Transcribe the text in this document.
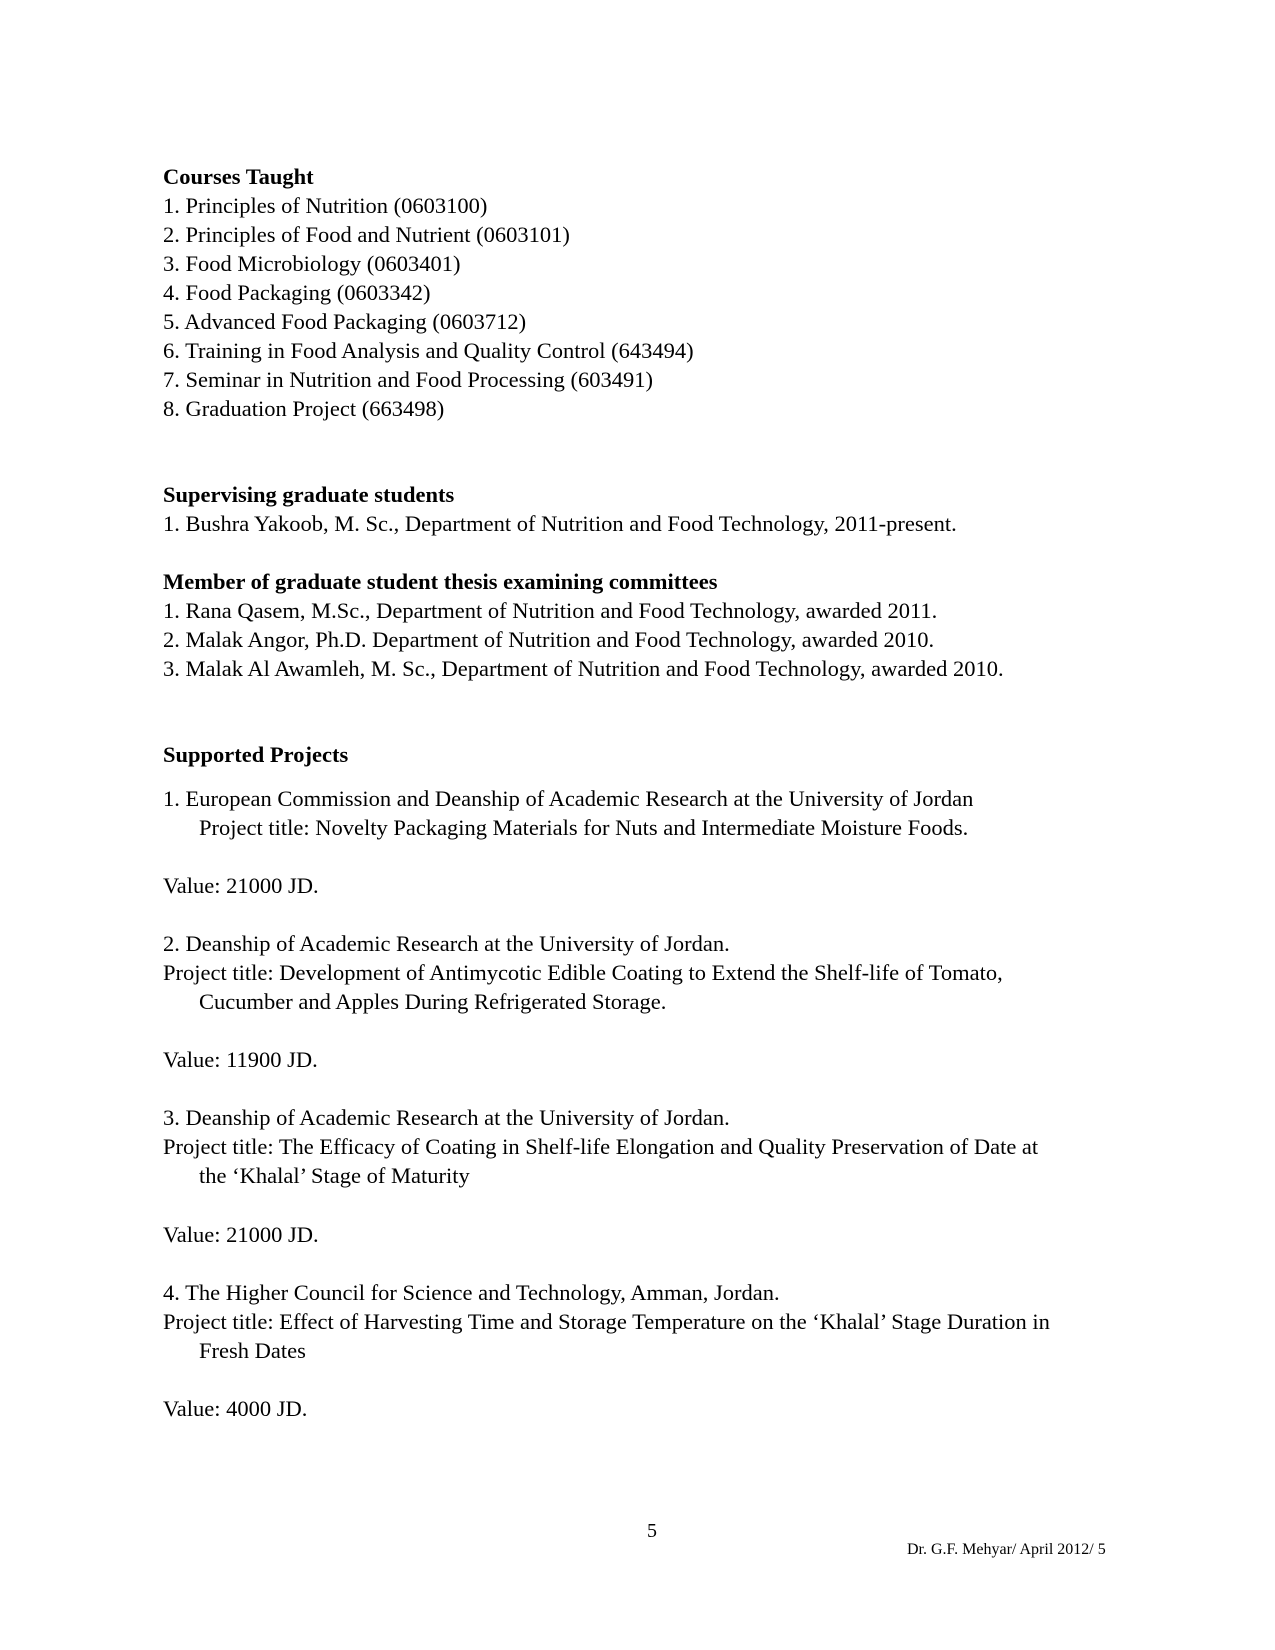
Courses Taught
1. Principles of Nutrition (0603100)
2. Principles of Food and Nutrient (0603101)
3. Food Microbiology (0603401)
4. Food Packaging (0603342)
5. Advanced Food Packaging (0603712)
6. Training in Food Analysis and Quality Control (643494)
7. Seminar in Nutrition and Food Processing (603491)
8. Graduation Project (663498)
Supervising graduate students
1. Bushra Yakoob, M. Sc., Department of Nutrition and Food Technology, 2011-present.
Member of graduate student thesis examining committees
1. Rana Qasem, M.Sc., Department of Nutrition and Food Technology, awarded 2011.
2. Malak Angor, Ph.D. Department of Nutrition and Food Technology, awarded 2010.
3. Malak Al Awamleh, M. Sc., Department of Nutrition and Food Technology, awarded 2010.
Supported Projects
1. European Commission and Deanship of Academic Research at the University of Jordan
Project title: Novelty Packaging Materials for Nuts and Intermediate Moisture Foods.
Value: 21000 JD.
2. Deanship of Academic Research at the University of Jordan.
Project title: Development of Antimycotic Edible Coating to Extend the Shelf-life of Tomato,
Cucumber and Apples During Refrigerated Storage.
Value: 11900 JD.
3. Deanship of Academic Research at the University of Jordan.
Project title: The Efficacy of Coating in Shelf-life Elongation and Quality Preservation of Date at
the ‘Khalal’ Stage of Maturity
Value: 21000 JD.
4. The Higher Council for Science and Technology, Amman, Jordan.
Project title: Effect of Harvesting Time and Storage Temperature on the ‘Khalal’ Stage Duration in
Fresh Dates
Value: 4000 JD.
5
Dr. G.F. Mehyar/ April 2012/ 5
